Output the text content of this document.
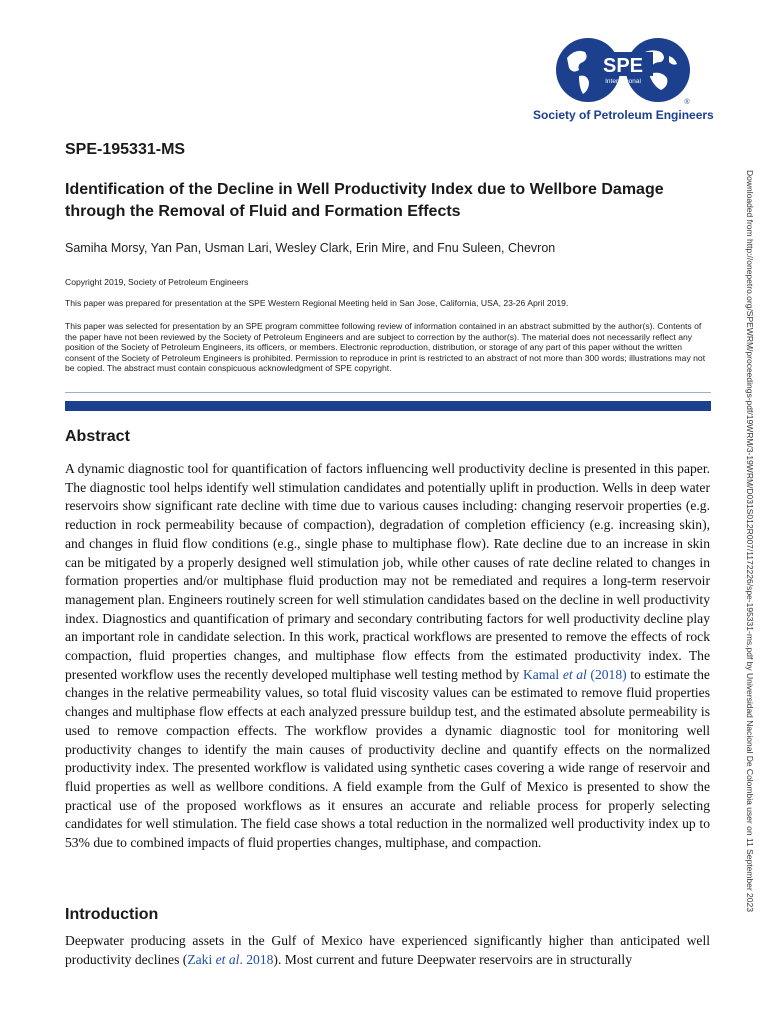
SPE
International
®
Society of Petroleum Engineers
Downloaded from http://onepetro.org/SPEWRM/proceedings-pdf/19WRM/3-19WRM/D031S012R007/1172226/spe-195331-ms.pdf by Universidad Nacional De Colombia user on 11 September 2023
SPE-195331-MS
Identification of the Decline in Well Productivity Index due to Wellbore Damage through the Removal of Fluid and Formation Effects
Samiha Morsy, Yan Pan, Usman Lari, Wesley Clark, Erin Mire, and Fnu Suleen, Chevron
Copyright 2019, Society of Petroleum Engineers
This paper was prepared for presentation at the SPE Western Regional Meeting held in San Jose, California, USA, 23-26 April 2019.
This paper was selected for presentation by an SPE program committee following review of information contained in an abstract submitted by the author(s). Contents of the paper have not been reviewed by the Society of Petroleum Engineers and are subject to correction by the author(s). The material does not necessarily reflect any position of the Society of Petroleum Engineers, its officers, or members. Electronic reproduction, distribution, or storage of any part of this paper without the written consent of the Society of Petroleum Engineers is prohibited. Permission to reproduce in print is restricted to an abstract of not more than 300 words; illustrations may not be copied. The abstract must contain conspicuous acknowledgment of SPE copyright.
Abstract
A dynamic diagnostic tool for quantification of factors influencing well productivity decline is presented in this paper. The diagnostic tool helps identify well stimulation candidates and potentially uplift in production. Wells in deep water reservoirs show significant rate decline with time due to various causes including: changing reservoir properties (e.g. reduction in rock permeability because of compaction), degradation of completion efficiency (e.g. increasing skin), and changes in fluid flow conditions (e.g., single phase to multiphase flow). Rate decline due to an increase in skin can be mitigated by a properly designed well stimulation job, while other causes of rate decline related to changes in formation properties and/or multiphase fluid production may not be remediated and requires a long-term reservoir management plan. Engineers routinely screen for well stimulation candidates based on the decline in well productivity index. Diagnostics and quantification of primary and secondary contributing factors for well productivity decline play an important role in candidate selection. In this work, practical workflows are presented to remove the effects of rock compaction, fluid properties changes, and multiphase flow effects from the estimated productivity index. The presented workflow uses the recently developed multiphase well testing method by Kamal et al (2018) to estimate the changes in the relative permeability values, so total fluid viscosity values can be estimated to remove fluid properties changes and multiphase flow effects at each analyzed pressure buildup test, and the estimated absolute permeability is used to remove compaction effects. The workflow provides a dynamic diagnostic tool for monitoring well productivity changes to identify the main causes of productivity decline and quantify effects on the normalized productivity index. The presented workflow is validated using synthetic cases covering a wide range of reservoir and fluid properties as well as wellbore conditions. A field example from the Gulf of Mexico is presented to show the practical use of the proposed workflows as it ensures an accurate and reliable process for properly selecting candidates for well stimulation. The field case shows a total reduction in the normalized well productivity index up to 53% due to combined impacts of fluid properties changes, multiphase, and compaction.
Introduction
Deepwater producing assets in the Gulf of Mexico have experienced significantly higher than anticipated well productivity declines (Zaki et al. 2018). Most current and future Deepwater reservoirs are in structurally
